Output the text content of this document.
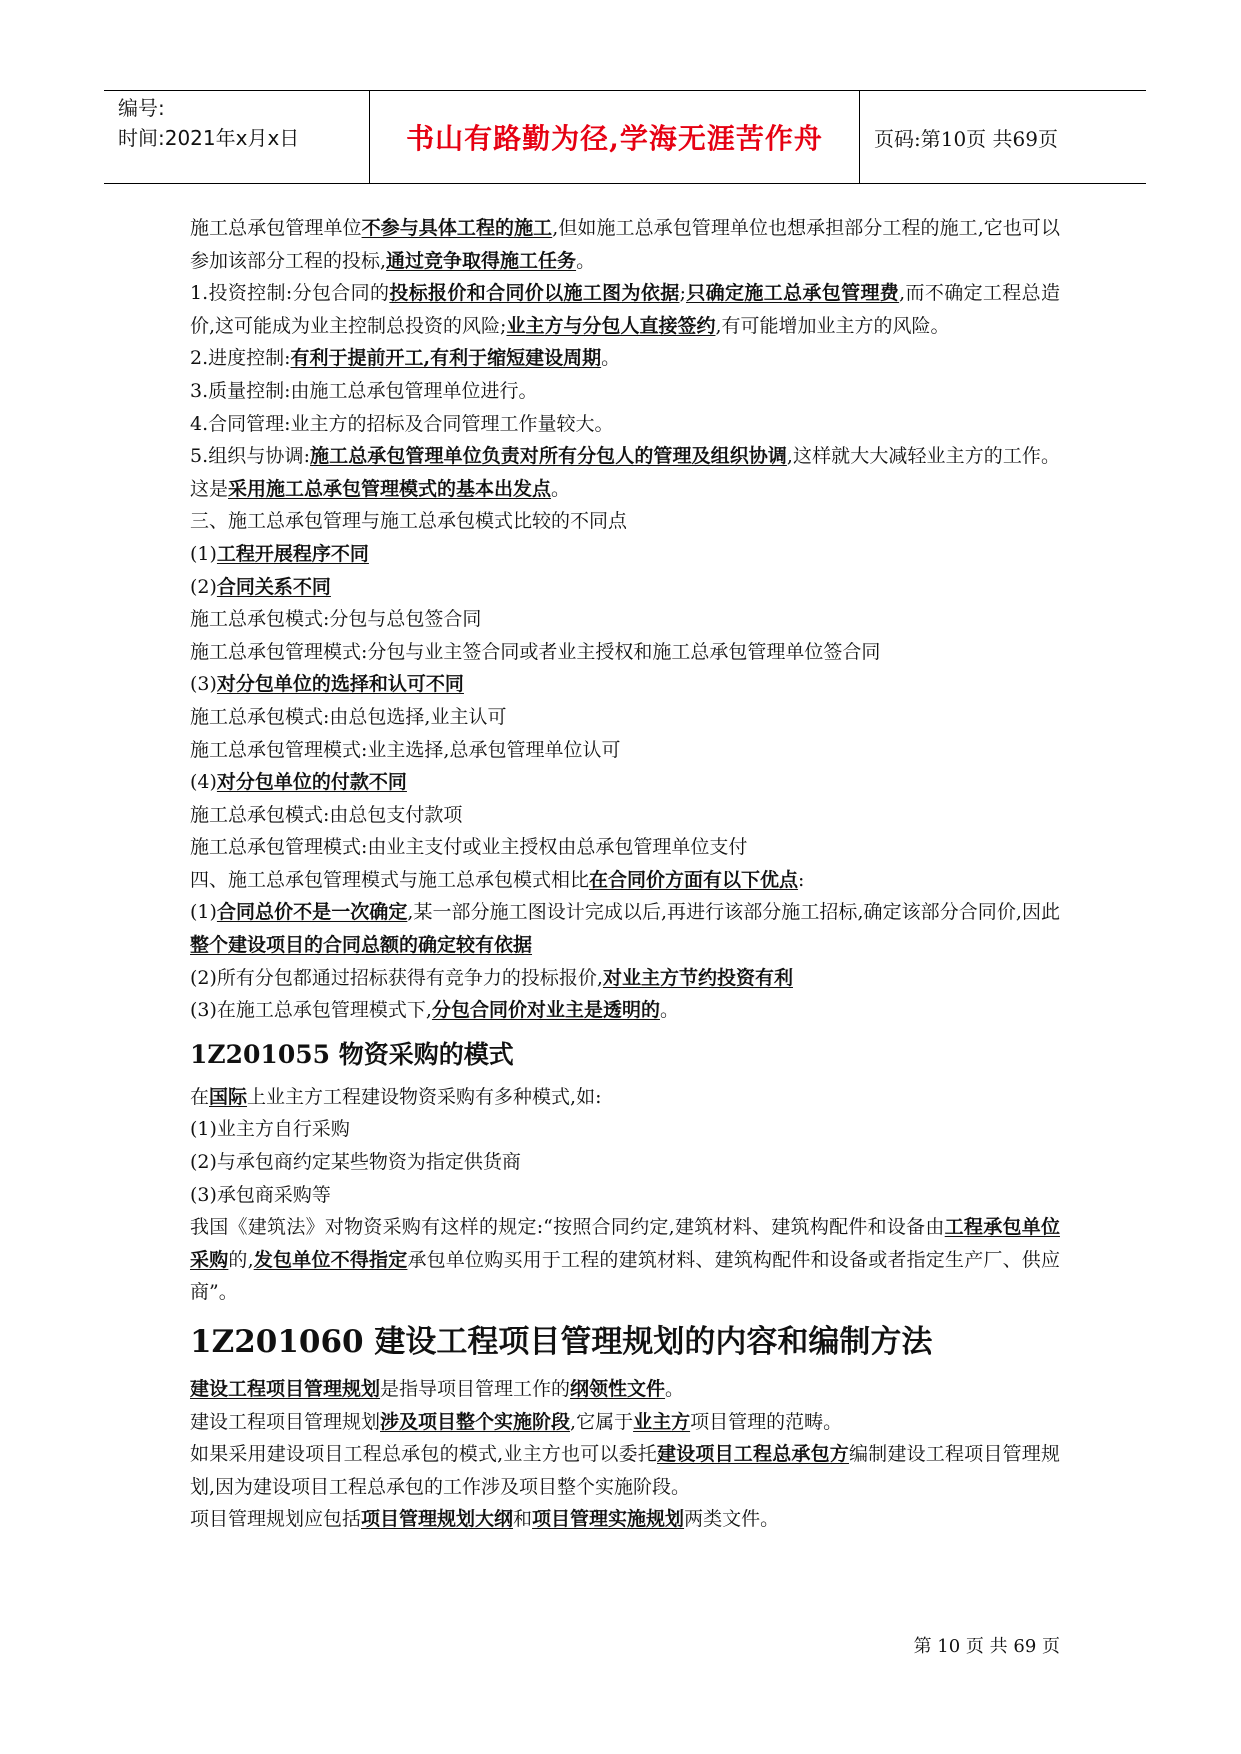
编号:
时间:2021年x月x日	书山有路勤为径,学海无涯苦作舟	页码:第10页 共69页

施工总承包管理单位不参与具体工程的施工,但如施工总承包管理单位也想承担部分工程的施工,它也可以参加该部分工程的投标,通过竞争取得施工任务。

1.投资控制:分包合同的投标报价和合同价以施工图为依据;只确定施工总承包管理费,而不确定工程总造价,这可能成为业主控制总投资的风险;业主方与分包人直接签约,有可能增加业主方的风险。

2.进度控制:有利于提前开工,有利于缩短建设周期。

3.质量控制:由施工总承包管理单位进行。

4.合同管理:业主方的招标及合同管理工作量较大。

5.组织与协调:施工总承包管理单位负责对所有分包人的管理及组织协调,这样就大大减轻业主方的工作。这是采用施工总承包管理模式的基本出发点。

三、施工总承包管理与施工总承包模式比较的不同点

(1)工程开展程序不同

(2)合同关系不同

施工总承包模式:分包与总包签合同

施工总承包管理模式:分包与业主签合同或者业主授权和施工总承包管理单位签合同

(3)对分包单位的选择和认可不同

施工总承包模式:由总包选择,业主认可

施工总承包管理模式:业主选择,总承包管理单位认可

(4)对分包单位的付款不同

施工总承包模式:由总包支付款项

施工总承包管理模式:由业主支付或业主授权由总承包管理单位支付

四、施工总承包管理模式与施工总承包模式相比在合同价方面有以下优点:

(1)合同总价不是一次确定,某一部分施工图设计完成以后,再进行该部分施工招标,确定该部分合同价,因此整个建设项目的合同总额的确定较有依据

(2)所有分包都通过招标获得有竞争力的投标报价,对业主方节约投资有利

(3)在施工总承包管理模式下,分包合同价对业主是透明的。

1Z201055 物资采购的模式

在国际上业主方工程建设物资采购有多种模式,如:

(1)业主方自行采购

(2)与承包商约定某些物资为指定供货商

(3)承包商采购等

我国《建筑法》对物资采购有这样的规定:“按照合同约定,建筑材料、建筑构配件和设备由工程承包单位采购的,发包单位不得指定承包单位购买用于工程的建筑材料、建筑构配件和设备或者指定生产厂、供应商”。

1Z201060 建设工程项目管理规划的内容和编制方法

建设工程项目管理规划是指导项目管理工作的纲领性文件。

建设工程项目管理规划涉及项目整个实施阶段,它属于业主方项目管理的范畴。

如果采用建设项目工程总承包的模式,业主方也可以委托建设项目工程总承包方编制建设工程项目管理规划,因为建设项目工程总承包的工作涉及项目整个实施阶段。

项目管理规划应包括项目管理规划大纲和项目管理实施规划两类文件。

第 10 页 共 69 页
